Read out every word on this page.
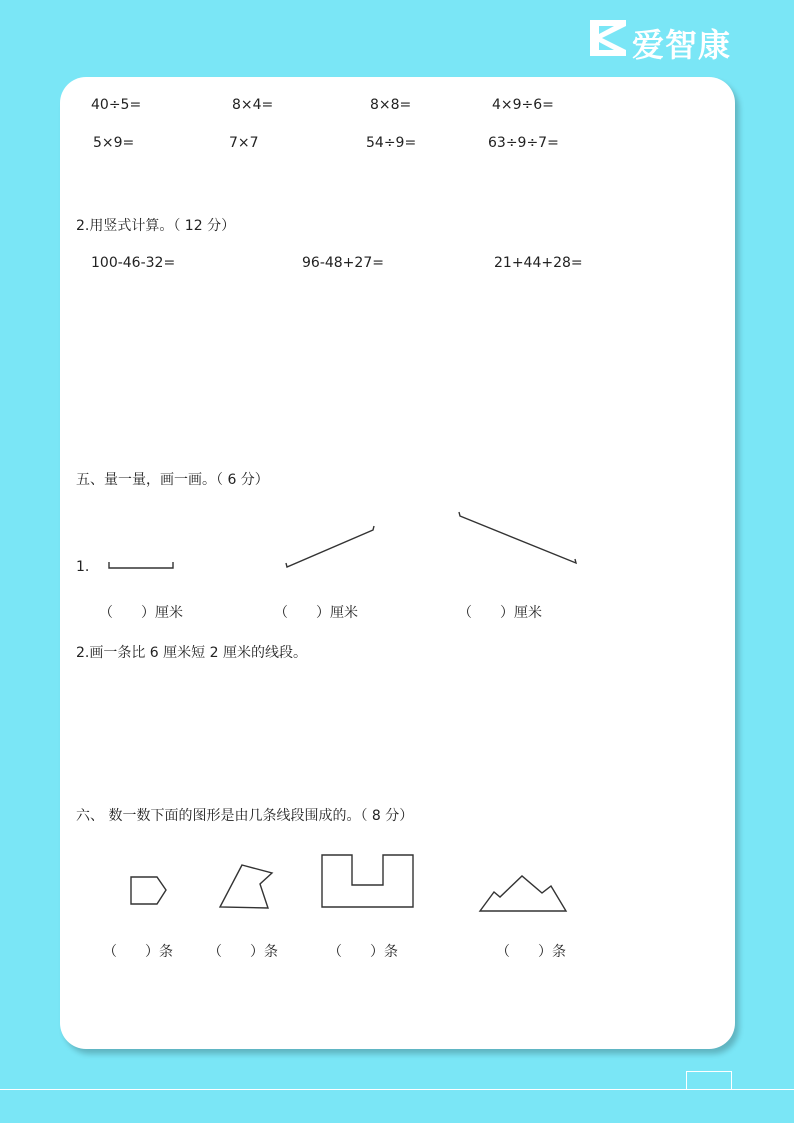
爱智康
40÷5=	8×4=	8×8=	4×9÷6=
5×9=	7×7	54÷9=	63÷9÷7=
2.用竖式计算。（ 12 分）
100-46-32=	96-48+27=	21+44+28=
五、量一量，画一画。（ 6 分）
1.
（　　）厘米	（　　）厘米	（　　）厘米
2.画一条比 6 厘米短 2 厘米的线段。
六、 数一数下面的图形是由几条线段围成的。（ 8 分）
（　　）条	（　　）条	（　　）条	（　　）条
